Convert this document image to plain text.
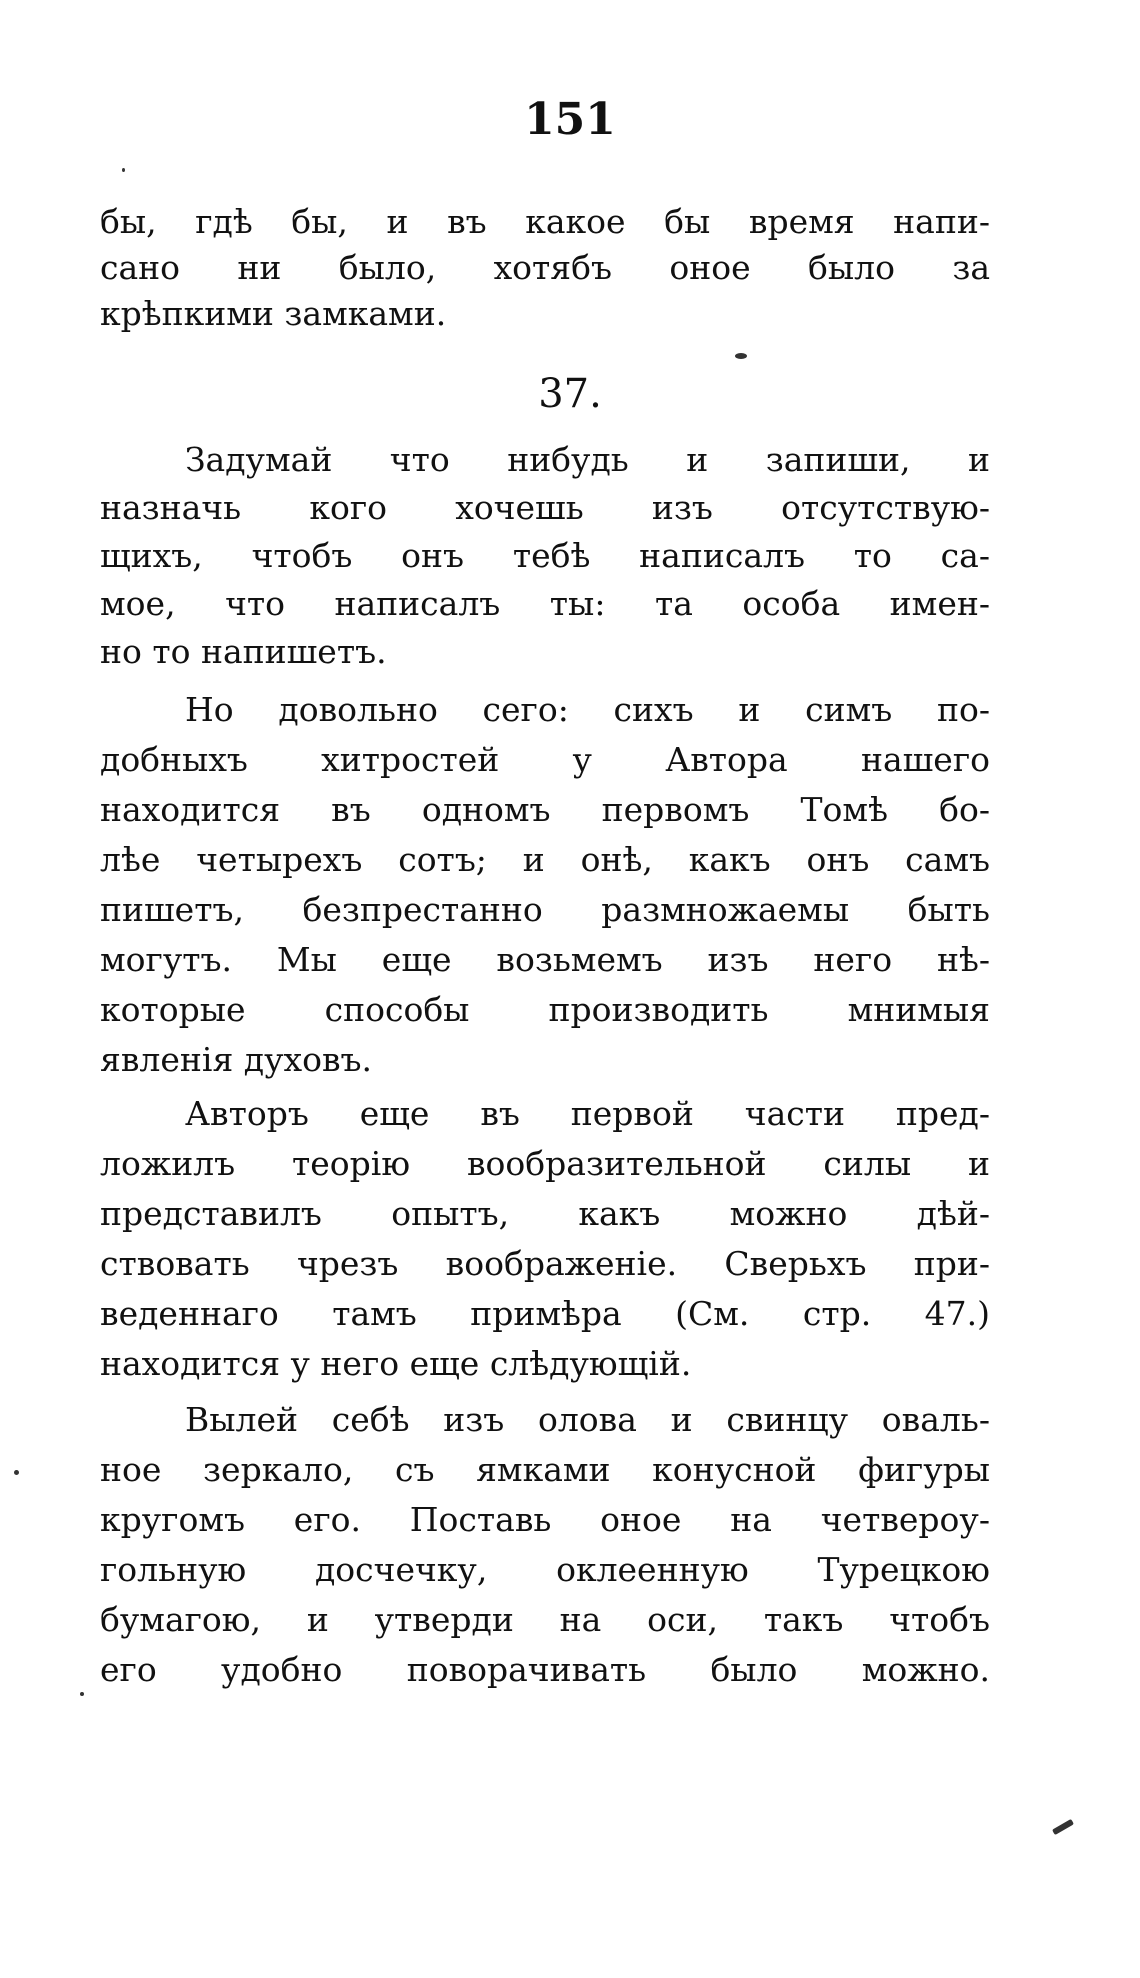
151
бы, гдѣ бы, и въ какое бы время напи-
сано ни было, хотябъ оное было за
крѣпкими замками.
37.
Задумай что нибудь и запиши, и
назначь кого хочешь изъ отсутствую-
щихъ, чтобъ онъ тебѣ написалъ то са-
мое, что написалъ ты: та особа имен-
но то напишетъ.
Но довольно сего: сихъ и симъ по-
добныхъ хитростей у Автора нашего
находится въ одномъ первомъ Томѣ бо-
лѣе четырехъ сотъ; и онѣ, какъ онъ самъ
пишетъ, безпрестанно размножаемы быть
могутъ. Мы еще возьмемъ изъ него нѣ-
которые способы производить мнимыя
явленія духовъ.
Авторъ еще въ первой части пред-
ложилъ теорію вообразительной силы и
представилъ опытъ, какъ можно дѣй-
ствовать чрезъ воображеніе. Сверьхъ при-
веденнаго тамъ примѣра (См. стр. 47.)
находится у него еще слѣдующій.
Вылей себѣ изъ олова и свинцу оваль-
ное зеркало, съ ямками конусной фигуры
кругомъ его. Поставь оное на четвероу-
гольную досчечку, оклеенную Турецкою
бумагою, и утверди на оси, такъ чтобъ
его удобно поворачивать было можно.
